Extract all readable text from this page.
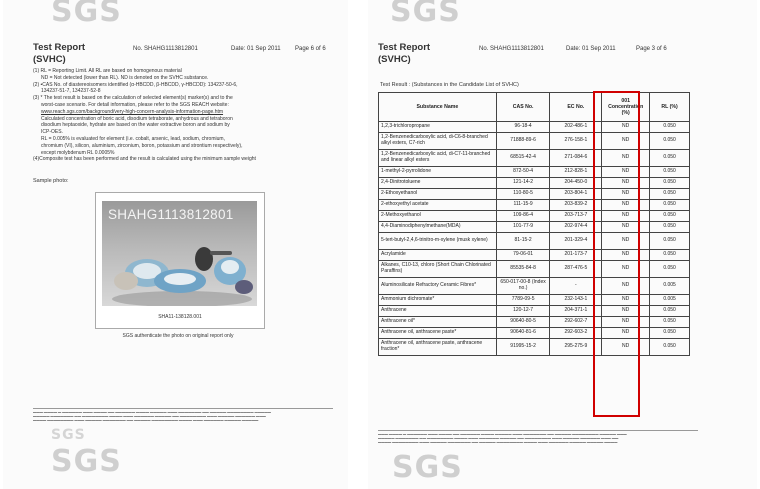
SGS
Test Report
(SVHC)
No. SHAHG1113812801	Date: 01 Sep 2011 Page 6 of 6

(1) RL = Reporting Limit. All RL are based on homogenous material

ND = Not detected (lower than RL). ND is denoted on the SVHC substance.

(2) •CAS No. of diastereoisomers identified (α-HBCDD, β-HBCDD, γ-HBCDD): 134237-50-6,

134237-51-7, 134237-52-8

(3) * The test result is based on the calculation of selected element(s) marker(s) and to the

worst-case scenario. For detail information, please refer to the SGS REACH website:

www.reach.sgs.com/background/very-high-concern-analysis-information-page.htm

Calculated concentration of boric acid, disodium tetraborate, anhydrous and tetraboron

disodium heptaoxide, hydrate are based on the water extractive boron and sodium by

ICP-OES.

RL = 0.005% is evaluated for element (i.e. cobalt, arsenic, lead, sodium, chromium,

chromium (VI), silicon, aluminium, zirconium, boron, potassium and strontium respectively),

except molybdenum RL 0.0005%

(4)Composite test has been performed and the result is calculated using the minimum sample weight

Sample photo:
SHAHG1113812801
SHA11-138128.001
SGS authenticate the photo on original report only
▬▬▬ ▬▬▬▬ ▬ ▬▬▬▬▬▬ ▬▬▬ ▬▬▬▬ ▬▬ ▬▬▬▬▬▬ ▬▬▬▬ ▬▬▬▬▬ ▬▬▬ ▬▬▬▬▬▬▬ ▬▬ ▬▬▬▬▬ ▬▬▬▬▬▬▬▬ ▬▬▬▬▬
▬▬▬▬▬ ▬▬▬▬▬▬▬ ▬▬ ▬▬▬▬▬▬▬▬ ▬▬▬▬ ▬▬▬ ▬▬▬▬▬▬ ▬▬▬▬▬ ▬▬ ▬▬▬▬▬▬▬▬ ▬▬▬ ▬▬▬▬▬ ▬▬▬▬▬▬ ▬▬▬
▬▬▬▬ ▬▬▬▬▬▬▬▬ ▬▬▬ ▬▬▬▬▬ ▬▬▬▬▬▬▬ ▬▬ ▬▬▬▬▬ ▬▬▬▬▬▬▬▬ ▬▬▬▬ ▬▬▬ ▬▬▬▬▬▬ ▬▬▬▬▬ ▬▬▬▬▬
SGS
SGS
SGS
Test Report
(SVHC)
No. SHAHG1113812801	Date: 01 Sep 2011	Page 3 of 6
Test Result : (Substances in the Candidate List of SVHC)
Substance Name	CAS No.	EC No.	001 Concentration (%)	RL (%)
1,2,3-trichloropropane	96-18-4	202-486-1	ND	0.050
1,2-Benzenedicarboxylic acid, di-C6-8-branched alkyl esters, C7-rich	71888-89-6	276-158-1	ND	0.050
1,2-Benzenedicarboxylic acid, di-C7-11-branched and linear alkyl esters	68515-42-4	271-084-6	ND	0.050
1-methyl-2-pyrrolidone	872-50-4	212-828-1	ND	0.050
2,4-Dinitrotoluene	121-14-2	204-450-0	ND	0.050
2-Ethoxyethanol	110-80-5	203-804-1	ND	0.050
2-ethoxyethyl acetate	111-15-9	203-839-2	ND	0.050
2-Methoxyethanol	109-86-4	203-713-7	ND	0.050
4,4-Diaminodiphenylmethane(MDA)	101-77-9	202-974-4	ND	0.050
5-tert-butyl-2,4,6-trinitro-m-xylene (musk xylene)	81-15-2	201-329-4	ND	0.050
Acrylamide	79-06-01	201-173-7	ND	0.050
Alkanes, C10-13, chloro (Short Chain Chlorinated Paraffins)	85535-84-8	287-476-5	ND	0.050
Aluminosilicate Refractory Ceramic Fibres*	650-017-00-8 (Index no.)	-	ND	0.005
Ammonium dichromate*	7789-09-5	232-143-1	ND	0.005
Anthracene	120-12-7	204-371-1	ND	0.050
Anthracene oil*	90640-80-5	292-602-7	ND	0.050
Anthracene oil, anthracene paste*	90640-81-6	292-603-2	ND	0.050
Anthracene oil, anthracene paste, anthracene fraction*	91995-15-2	295-275-9	ND	0.050
▬▬▬ ▬▬▬▬ ▬ ▬▬▬▬▬▬ ▬▬▬ ▬▬▬▬ ▬▬ ▬▬▬▬▬▬ ▬▬▬▬ ▬▬▬▬▬ ▬▬▬ ▬▬▬▬▬▬▬ ▬▬ ▬▬▬▬▬ ▬▬▬▬▬▬▬▬ ▬▬▬▬▬ ▬▬▬
▬▬▬▬▬ ▬▬▬▬▬▬▬ ▬▬ ▬▬▬▬▬▬▬▬ ▬▬▬▬ ▬▬▬ ▬▬▬▬▬▬ ▬▬▬▬▬ ▬▬ ▬▬▬▬▬▬▬▬ ▬▬▬ ▬▬▬▬▬ ▬▬▬▬▬▬ ▬▬▬ ▬▬
▬▬▬▬ ▬▬▬▬▬▬▬▬ ▬▬▬ ▬▬▬▬▬ ▬▬▬▬▬▬▬ ▬▬ ▬▬▬▬▬ ▬▬▬▬▬▬▬▬ ▬▬▬▬ ▬▬▬ ▬▬▬▬▬▬ ▬▬▬▬▬ ▬▬▬▬▬ ▬▬▬▬
SGS
